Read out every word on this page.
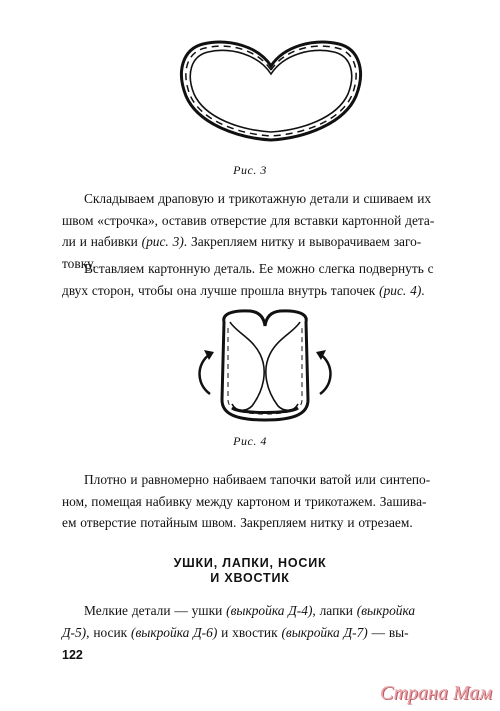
Рис. 3
Складываем драповую и трикотажную детали и сшиваем их
швом «строчка», оставив отверстие для вставки картонной дета-
ли и набивки (рис. 3). Закрепляем нитку и выворачиваем заго-
товку.
Вставляем картонную деталь. Ее можно слегка подвернуть с
двух сторон, чтобы она лучше прошла внутрь тапочек (рис. 4).
Рис. 4
Плотно и равномерно набиваем тапочки ватой или синтепо-
ном, помещая набивку между картоном и трикотажем. Зашива-
ем отверстие потайным швом. Закрепляем нитку и отрезаем.
УШКИ, ЛАПКИ, НОСИК
И ХВОСТИК
Мелкие детали — ушки (выкройка Д-4), лапки (выкройка
Д-5), носик (выкройка Д-6) и хвостик (выкройка Д-7) — вы-
122
Страна Мам
